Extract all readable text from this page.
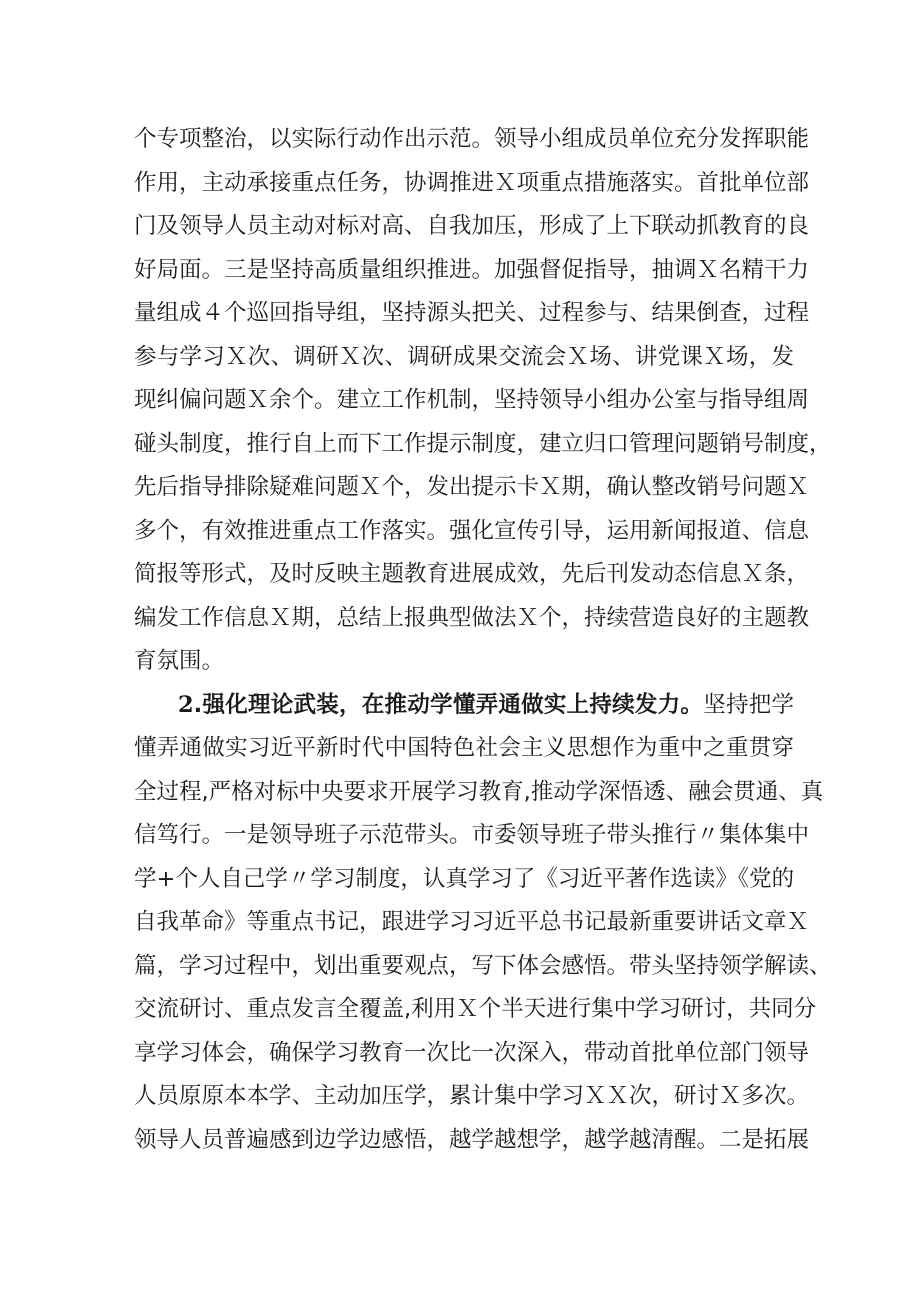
个专项整治，以实际行动作出示范。领导小组成员单位充分发挥职能
作用，主动承接重点任务，协调推进Ｘ项重点措施落实。首批单位部
门及领导人员主动对标对高、自我加压，形成了上下联动抓教育的良
好局面。三是坚持高质量组织推进。加强督促指导，抽调Ｘ名精干力
量组成４个巡回指导组，坚持源头把关、过程参与、结果倒查，过程
参与学习Ｘ次、调研Ｘ次、调研成果交流会Ｘ场、讲党课Ｘ场，发
现纠偏问题Ｘ余个。建立工作机制，坚持领导小组办公室与指导组周
碰头制度，推行自上而下工作提示制度，建立归口管理问题销号制度，
先后指导排除疑难问题Ｘ个，发出提示卡Ｘ期，确认整改销号问题Ｘ
多个，有效推进重点工作落实。强化宣传引导，运用新闻报道、信息
简报等形式，及时反映主题教育进展成效，先后刊发动态信息Ｘ条，
编发工作信息Ｘ期，总结上报典型做法Ｘ个，持续营造良好的主题教
育氛围。
2.强化理论武装，在推动学懂弄通做实上持续发力。坚持把学
懂弄通做实习近平新时代中国特色社会主义思想作为重中之重贯穿
全过程,严格对标中央要求开展学习教育,推动学深悟透、融会贯通、真
信笃行。一是领导班子示范带头。市委领导班子带头推行〃集体集中
学+个人自己学〃学习制度，认真学习了《习近平著作选读》《党的
自我革命》等重点书记，跟进学习习近平总书记最新重要讲话文章Ｘ
篇，学习过程中，划出重要观点，写下体会感悟。带头坚持领学解读、
交流研讨、重点发言全覆盖,利用Ｘ个半天进行集中学习研讨，共同分
享学习体会，确保学习教育一次比一次深入，带动首批单位部门领导
人员原原本本学、主动加压学，累计集中学习ＸＸ次，研讨Ｘ多次。
领导人员普遍感到边学边感悟，越学越想学，越学越清醒。二是拓展
